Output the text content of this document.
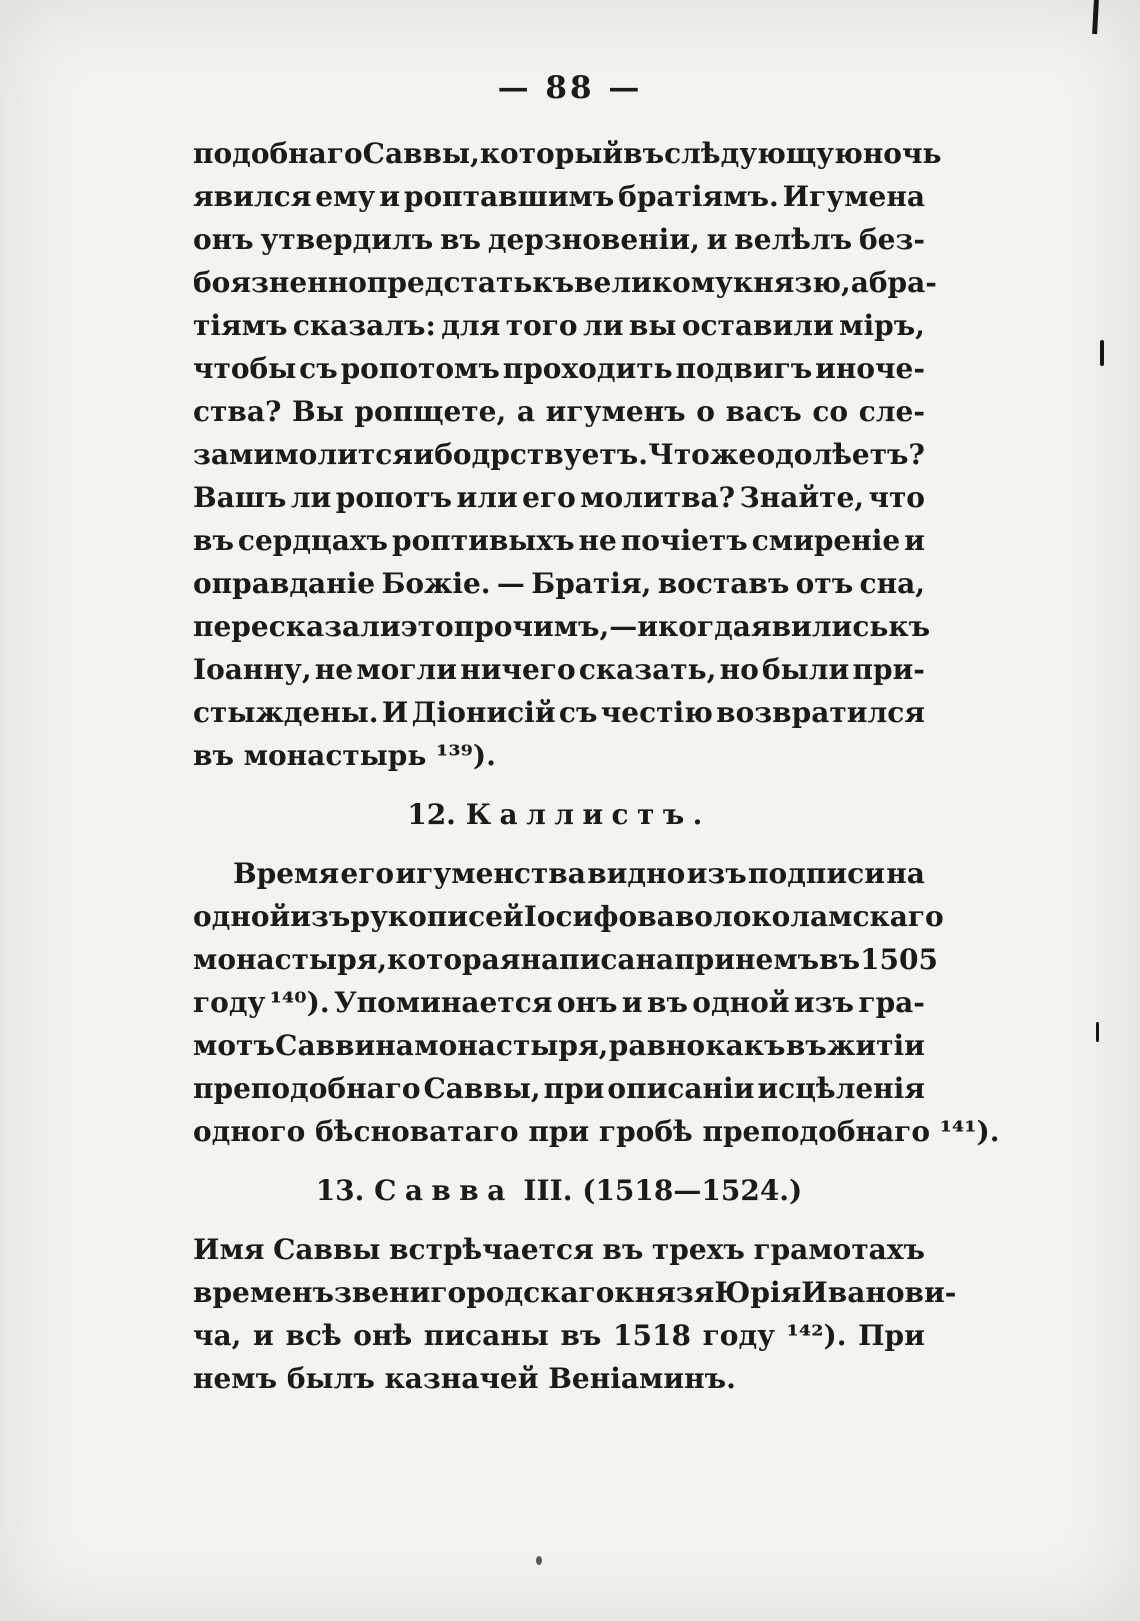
— 88 —
подобнаго Саввы, который въ слѣдующую ночь
явился ему и роптавшимъ братіямъ. Игумена
онъ утвердилъ въ дерзновеніи, и велѣлъ без-
боязненно предстать къ великому князю, а бра-
тіямъ сказалъ: для того ли вы оставили міръ,
чтобы съ ропотомъ проходить подвигъ иноче-
ства? Вы ропщете, а игуменъ о васъ со сле-
зами молится и бодрствуетъ. Что же одолѣетъ?
Вашъ ли ропотъ или его молитва? Знайте, что
въ сердцахъ роптивыхъ не почіетъ смиреніе и
оправданіе Божіе. — Братія, воставъ отъ сна,
пересказали это прочимъ,—и когда явились къ
Іоанну, не могли ничего сказать, но были при-
стыждены. И Діонисій съ честію возвратился
въ монастырь ¹³⁹).
12. Каллистъ.
Время его игуменства видно изъ подписи на
одной изъ рукописей Іосифова волоколамскаго
монастыря, которая написана при немъ въ 1505
году ¹⁴⁰). Упоминается онъ и въ одной изъ гра-
мотъ Саввина монастыря, равно какъ въ житіи
преподобнаго Саввы, при описаніи исцѣленія
одного бѣсноватаго при гробѣ преподобнаго ¹⁴¹).
13. Савва III. (1518—1524.)
Имя Саввы встрѣчается въ трехъ грамотахъ
временъ звенигородскаго князя Юрія Иванови-
ча, и всѣ онѣ писаны въ 1518 году ¹⁴²). При
немъ былъ казначей Веніаминъ.
